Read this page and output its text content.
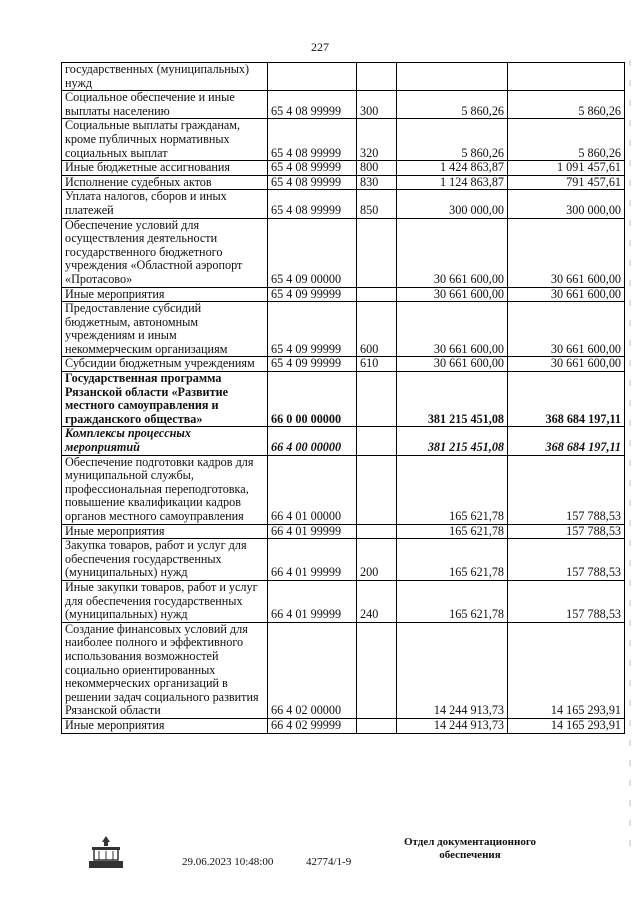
227
государственных (муниципальных) нужд				
Социальное обеспечение и иные выплаты населению	65 4 08 99999	300	5 860,26	5 860,26
Социальные выплаты гражданам, кроме публичных нормативных социальных выплат	65 4 08 99999	320	5 860,26	5 860,26
Иные бюджетные ассигнования	65 4 08 99999	800	1 424 863,87	1 091 457,61
Исполнение судебных актов	65 4 08 99999	830	1 124 863,87	791 457,61
Уплата налогов, сборов и иных платежей	65 4 08 99999	850	300 000,00	300 000,00
Обеспечение условий для осуществления деятельности государственного бюджетного учреждения «Областной аэропорт «Протасово»	65 4 09 00000		30 661 600,00	30 661 600,00
Иные мероприятия	65 4 09 99999		30 661 600,00	30 661 600,00
Предоставление субсидий бюджетным, автономным учреждениям и иным некоммерческим организациям	65 4 09 99999	600	30 661 600,00	30 661 600,00
Субсидии бюджетным учреждениям	65 4 09 99999	610	30 661 600,00	30 661 600,00
Государственная программа Рязанской области «Развитие местного самоуправления и гражданского общества»	66 0 00 00000		381 215 451,08	368 684 197,11
Комплексы процессных мероприятий	66 4 00 00000		381 215 451,08	368 684 197,11
Обеспечение подготовки кадров для муниципальной службы, профессиональная переподготовка, повышение квалификации кадров органов местного самоуправления	66 4 01 00000		165 621,78	157 788,53
Иные мероприятия	66 4 01 99999		165 621,78	157 788,53
Закупка товаров, работ и услуг для обеспечения государственных (муниципальных) нужд	66 4 01 99999	200	165 621,78	157 788,53
Иные закупки товаров, работ и услуг для обеспечения государственных (муниципальных) нужд	66 4 01 99999	240	165 621,78	157 788,53
Создание финансовых условий для наиболее полного и эффективного использования возможностей социально ориентированных некоммерческих организаций в решении задач социального развития Рязанской области	66 4 02 00000		14 244 913,73	14 165 293,91
Иные мероприятия	66 4 02 99999		14 244 913,73	14 165 293,91
29.06.2023 10:48:00	42774/1-9
Отдел документационного обеспечения
